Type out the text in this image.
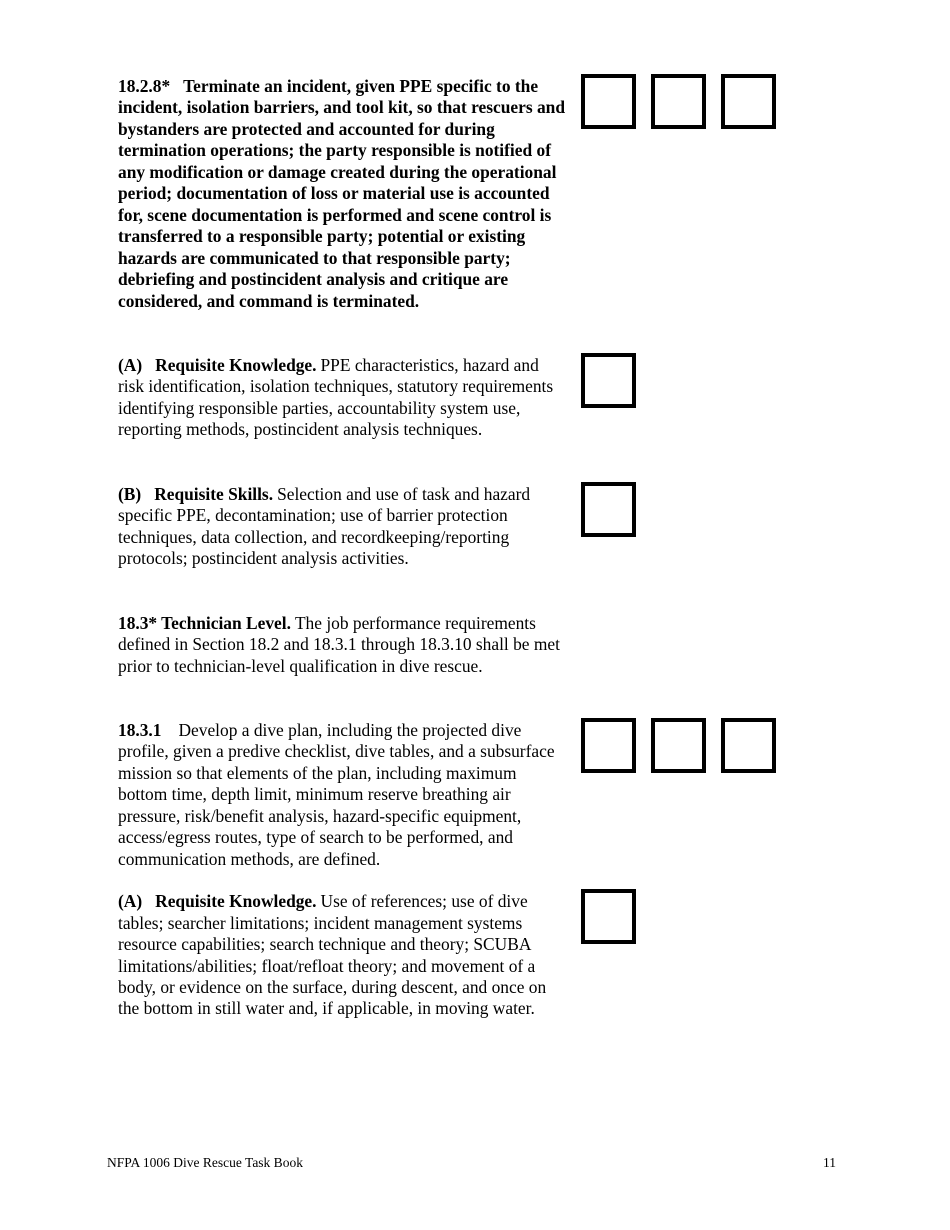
18.2.8* Terminate an incident, given PPE specific to the incident, isolation barriers, and tool kit, so that rescuers and bystanders are protected and accounted for during termination operations; the party responsible is notified of any modification or damage created during the operational period; documentation of loss or material use is accounted for, scene documentation is performed and scene control is transferred to a responsible party; potential or existing hazards are communicated to that responsible party; debriefing and postincident analysis and critique are considered, and command is terminated.

(A) Requisite Knowledge. PPE characteristics, hazard and risk identification, isolation techniques, statutory requirements identifying responsible parties, accountability system use, reporting methods, postincident analysis techniques.

(B) Requisite Skills. Selection and use of task and hazard specific PPE, decontamination; use of barrier protection techniques, data collection, and recordkeeping/reporting protocols; postincident analysis activities.

18.3* Technician Level. The job performance requirements defined in Section 18.2 and 18.3.1 through 18.3.10 shall be met prior to technician-level qualification in dive rescue.

18.3.1 Develop a dive plan, including the projected dive profile, given a predive checklist, dive tables, and a subsurface mission so that elements of the plan, including maximum bottom time, depth limit, minimum reserve breathing air pressure, risk/benefit analysis, hazard-specific equipment, access/egress routes, type of search to be performed, and communication methods, are defined.

(A) Requisite Knowledge. Use of references; use of dive tables; searcher limitations; incident management systems resource capabilities; search technique and theory; SCUBA limitations/abilities; float/refloat theory; and movement of a body, or evidence on the surface, during descent, and once on the bottom in still water and, if applicable, in moving water.

NFPA 1006 Dive Rescue Task Book	11
